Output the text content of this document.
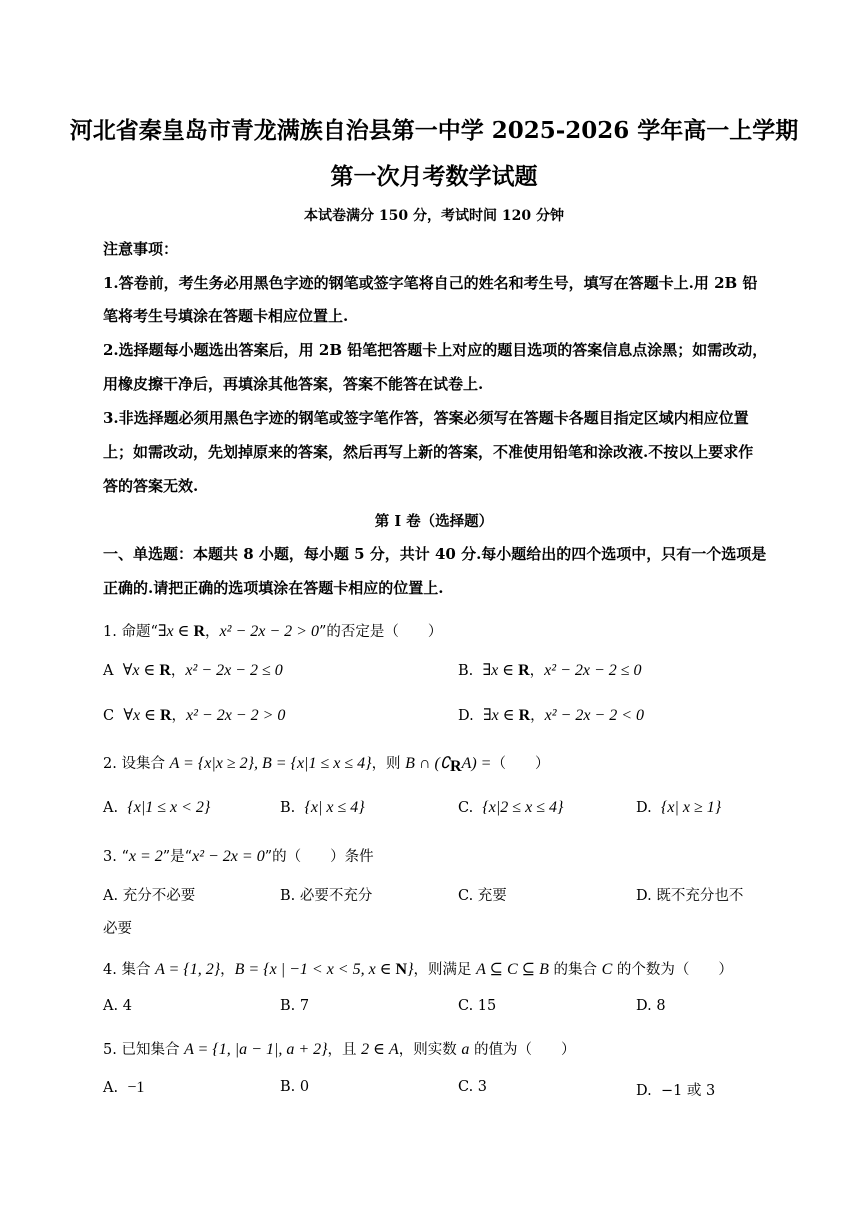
河北省秦皇岛市青龙满族自治县第一中学 2025-2026 学年高一上学期
第一次月考数学试题
本试卷满分 150 分，考试时间 120 分钟
注意事项：
1.答卷前，考生务必用黑色字迹的钢笔或签字笔将自己的姓名和考生号，填写在答题卡上.用 2B 铅
笔将考生号填涂在答题卡相应位置上.
2.选择题每小题选出答案后，用 2B 铅笔把答题卡上对应的题目选项的答案信息点涂黑；如需改动，
用橡皮擦干净后，再填涂其他答案，答案不能答在试卷上.
3.非选择题必须用黑色字迹的钢笔或签字笔作答，答案必须写在答题卡各题目指定区域内相应位置
上；如需改动，先划掉原来的答案，然后再写上新的答案，不准使用铅笔和涂改液.不按以上要求作
答的答案无效.
第 I 卷（选择题）
一、单选题：本题共 8 小题，每小题 5 分，共计 40 分.每小题给出的四个选项中，只有一个选项是
正确的.请把正确的选项填涂在答题卡相应的位置上.
1. 命题“∃x ∈ R，x² − 2x − 2 > 0”的否定是（　　）
A ∀x ∈ R，x² − 2x − 2 ≤ 0	B. ∃x ∈ R，x² − 2x − 2 ≤ 0
C ∀x ∈ R，x² − 2x − 2 > 0	D. ∃x ∈ R，x² − 2x − 2 < 0
2. 设集合 A = {x|x ≥ 2}, B = {x|1 ≤ x ≤ 4}，则 B ∩ $(∁_RA)$ =（　　）
A. {x|1 ≤ x < 2}	B. {x| x ≤ 4}	C. {x|2 ≤ x ≤ 4}	D. {x| x ≥ 1}
3. “x = 2”是“x² − 2x = 0”的（　　）条件
A. 充分不必要	B. 必要不充分	C. 充要	D. 既不充分也不
必要
4. 集合 A = {1, 2}，B = {x | −1 < x < 5, x ∈ N}，则满足 A ⊆ C ⊆ B 的集合 C 的个数为（　　）
A. 4	B. 7	C. 15	D. 8
5. 已知集合 A = {1, |a − 1|, a + 2}，且 2 ∈ A，则实数 a 的值为（　　）
A. −1	B. 0	C. 3	D. −1 或 3
